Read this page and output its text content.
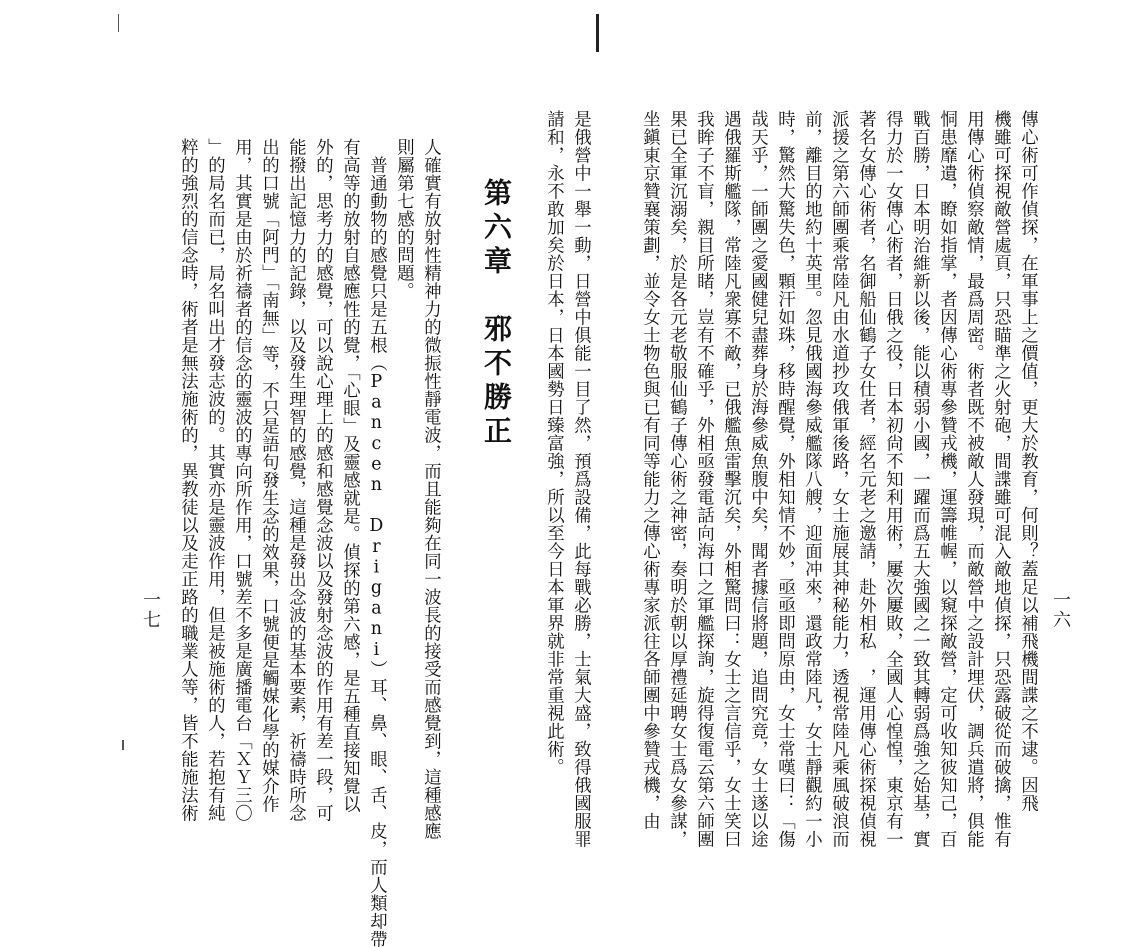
一六
傳心術可作偵探，在軍事上之價值，更大於教育，何則？蓋足以補飛機間諜之不逮。因飛
機雖可探視敵營處頁，只恐瞄準之火射砲，間諜雖可混入敵地偵探，只恐露破從而破擒，惟有
用傳心術偵察敵情，最爲周密。術者既不被敵人發現，而敵營中之設計埋伏，調兵遣將，俱能
恫患靡遺，瞭如指掌，者因傳心術專參贊戎機，運籌帷幄，以窺探敵營，定可收知彼知己，百
戰百勝，日本明治維新以後，能以積弱小國，一躍而爲五大強國之一致其轉弱爲強之始基，實
得力於一女傳心術者，日俄之役，日本初尙不知利用術，屢次屢敗，全國人心惶惶，東京有一
著名女傳心術者，名御船仙鶴子女仕者，經名元老之邀請，赴外相私　，運用傳心術探視偵視
派援之第六師團乘常陸凡由水道抄攻俄軍後路，女士施展其神秘能力，透視常陸凡乘風破浪而
前，離目的地約十英里。忽見俄國海參威艦隊八艘，迎面冲來，還政常陸凡，女士靜觀約一小
時，驚然大驚失色，顆汗如珠，移時醒覺，外相知情不妙，亟亟即問原由，女士常嘆曰：「傷
哉天乎，一師團之愛國健兒盡葬身於海參威魚腹中矣，聞者據信將題，追問究竟，女士遂以途
遇俄羅斯艦隊，常陸凡衆寡不敵，已俄艦魚雷擊沉矣，外相驚問曰：女士之言信乎，女士笑曰
我眸子不盲，親目所睹，豈有不確乎，外相亟發電話向海口之軍艦探詢，旋得復電云第六師團
果已全軍沉溺矣，於是各元老敬服仙鶴子傳心術之神密，奏明於朝以厚禮延聘女士爲女參謀，
坐鎭東京贊襄策劃，並令女士物色與已有同等能力之傳心術專家派往各師團中參贊戎機，由
是俄營中一舉一動，日營中俱能一目了然，預爲設備，此每戰必勝，士氣大盛，致得俄國服罪
請和，永不敢加矣於日本，日本國勢日臻富強，所以至今日本軍界就非常重視此術。
第六章　邪不勝正
人確實有放射性精神力的微振性靜電波，而且能夠在同一波長的接受而感覺到，這種感應
則屬第七感的問題。
普通動物的感覺只是五根（Pancen Drigani）耳、鼻、眼、舌、皮，而人類却帶
有高等的放射自感應性的覺，「心眼」及靈感就是。偵探的第六感，是五種直接知覺以
外的，思考力的感覺，可以說心理上的感和感覺念波以及發射念波的作用有差一段，可
能撥出記憶力的記錄，以及發生理智的感覺，這種是發出念波的基本要素，祈禱時所念
出的口號「阿門」「南無」等，不只是語句發生念的效果，口號便是觸媒化學的媒介作
用，其實是由於祈禱者的信念的靈波的專向所作用，口號差不多是廣播電台「ＸＹ三〇
」的局名而已，局名叫出才發志波的。其實亦是靈波作用，但是被施術的人，若抱有純
粹的強烈的信念時，術者是無法施術的，異教徒以及走正路的職業人等，皆不能施法術
一七
